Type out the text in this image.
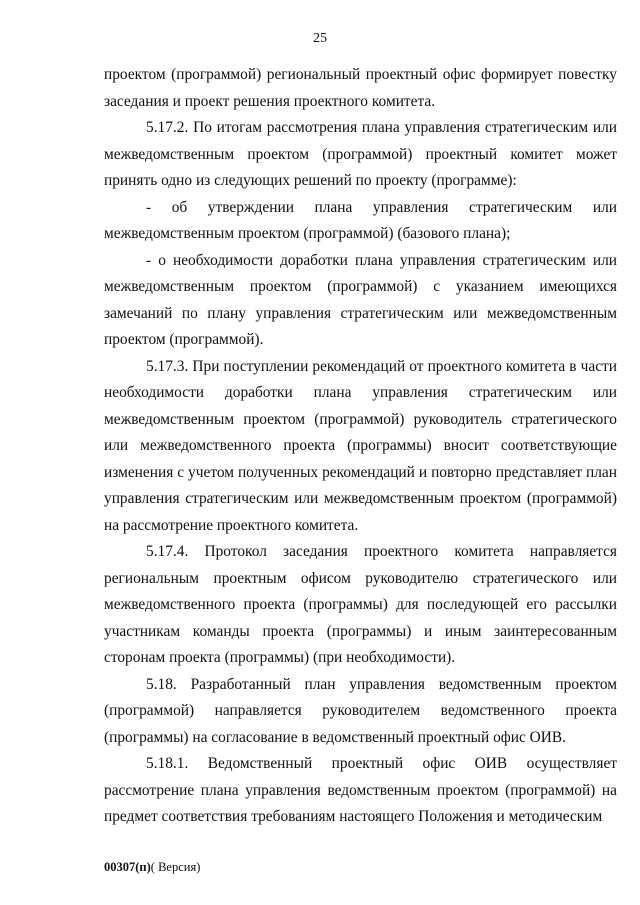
25

проектом (программой) региональный проектный офис формирует повестку заседания и проект решения проектного комитета.

5.17.2. По итогам рассмотрения плана управления стратегическим или межведомственным проектом (программой) проектный комитет может принять одно из следующих решений по проекту (программе):

- об утверждении плана управления стратегическим или межведомственным проектом (программой) (базового плана);

- о необходимости доработки плана управления стратегическим или межведомственным проектом (программой) с указанием имеющихся замечаний по плану управления стратегическим или межведомственным проектом (программой).

5.17.3. При поступлении рекомендаций от проектного комитета в части необходимости доработки плана управления стратегическим или межведомственным проектом (программой) руководитель стратегического или межведомственного проекта (программы) вносит соответствующие изменения с учетом полученных рекомендаций и повторно представляет план управления стратегическим или межведомственным проектом (программой) на рассмотрение проектного комитета.

5.17.4. Протокол заседания проектного комитета направляется региональным проектным офисом руководителю стратегического или межведомственного проекта (программы) для последующей его рассылки участникам команды проекта (программы) и иным заинтересованным сторонам проекта (программы) (при необходимости).

5.18. Разработанный план управления ведомственным проектом (программой) направляется руководителем ведомственного проекта (программы) на согласование в ведомственный проектный офис ОИВ.

5.18.1. Ведомственный проектный офис ОИВ осуществляет рассмотрение плана управления ведомственным проектом (программой) на предмет соответствия требованиям настоящего Положения и методическим

00307(п)( Версия)
